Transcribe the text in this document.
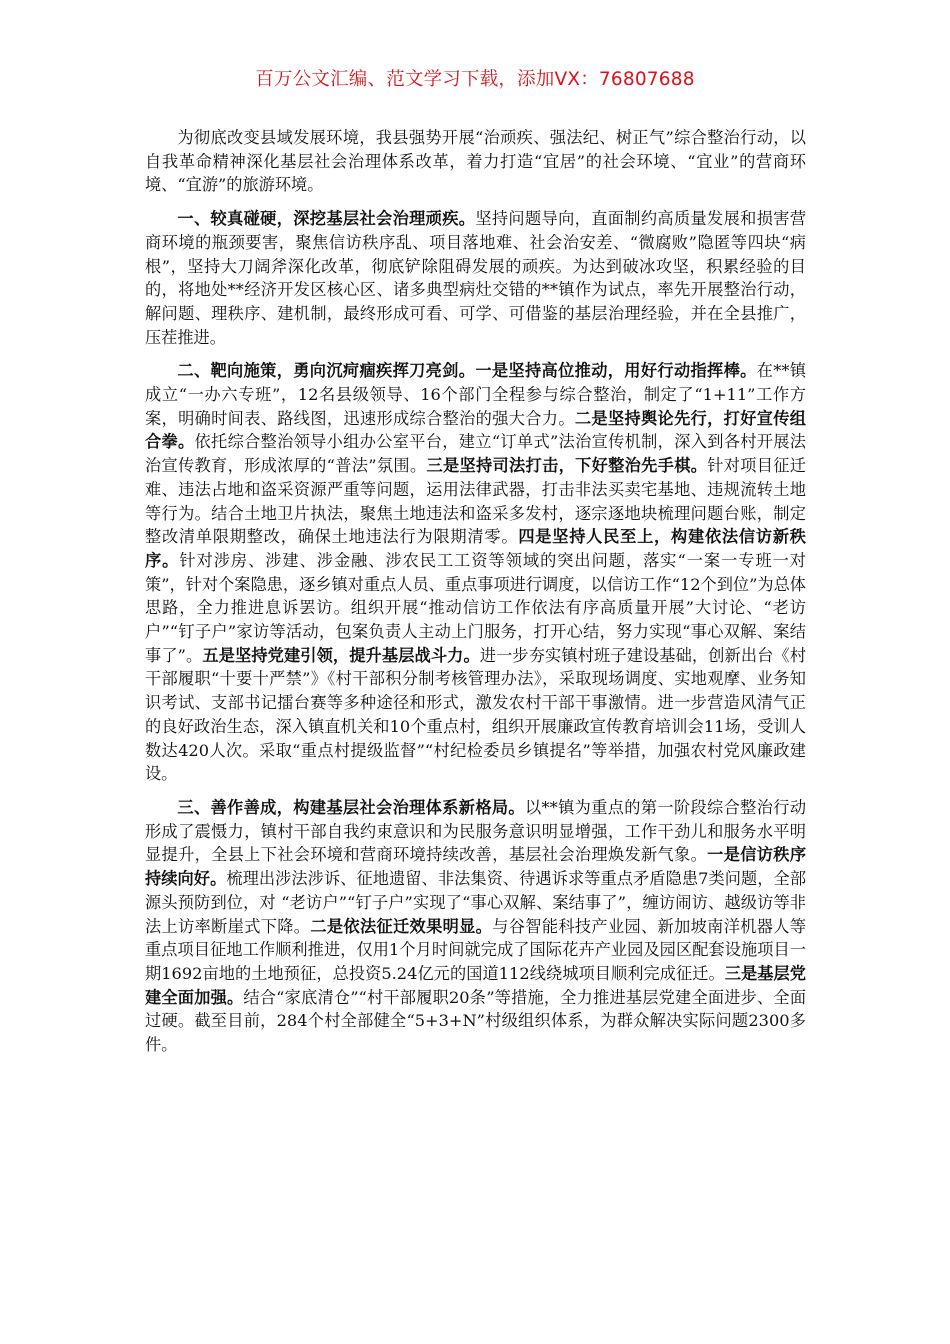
百万公文汇编、范文学习下载，添加VX：76807688

为彻底改变县域发展环境，我县强势开展“治顽疾、强法纪、树正气”综合整治行动，以自我革命精神深化基层社会治理体系改革，着力打造“宜居”的社会环境、“宜业”的营商环境、“宜游”的旅游环境。

一、较真碰硬，深挖基层社会治理顽疾。坚持问题导向，直面制约高质量发展和损害营商环境的瓶颈要害，聚焦信访秩序乱、项目落地难、社会治安差、“微腐败”隐匿等四块“病根”，坚持大刀阔斧深化改革，彻底铲除阻碍发展的顽疾。为达到破冰攻坚，积累经验的目的，将地处**经济开发区核心区、诸多典型病灶交错的**镇作为试点，率先开展整治行动，解问题、理秩序、建机制，最终形成可看、可学、可借鉴的基层治理经验，并在全县推广，压茬推进。

二、靶向施策，勇向沉疴痼疾挥刀亮剑。一是坚持高位推动，用好行动指挥棒。在**镇成立“一办六专班”，12名县级领导、16个部门全程参与综合整治，制定了“1+11”工作方案，明确时间表、路线图，迅速形成综合整治的强大合力。二是坚持舆论先行，打好宣传组合拳。依托综合整治领导小组办公室平台，建立“订单式”法治宣传机制，深入到各村开展法治宣传教育，形成浓厚的“普法”氛围。三是坚持司法打击，下好整治先手棋。针对项目征迁难、违法占地和盗采资源严重等问题，运用法律武器，打击非法买卖宅基地、违规流转土地等行为。结合土地卫片执法，聚焦土地违法和盗采多发村，逐宗逐地块梳理问题台账，制定整改清单限期整改，确保土地违法行为限期清零。四是坚持人民至上，构建依法信访新秩序。针对涉房、涉建、涉金融、涉农民工工资等领域的突出问题，落实“一案一专班一对策”，针对个案隐患，逐乡镇对重点人员、重点事项进行调度，以信访工作“12个到位”为总体思路，全力推进息诉罢访。组织开展“推动信访工作依法有序高质量开展”大讨论、“老访户”“钉子户”家访等活动，包案负责人主动上门服务，打开心结，努力实现“事心双解、案结事了”。五是坚持党建引领，提升基层战斗力。进一步夯实镇村班子建设基础，创新出台《村干部履职“十要十严禁”》《村干部积分制考核管理办法》，采取现场调度、实地观摩、业务知识考试、支部书记擂台赛等多种途径和形式，激发农村干部干事激情。进一步营造风清气正的良好政治生态，深入镇直机关和10个重点村，组织开展廉政宣传教育培训会11场，受训人数达420人次。采取“重点村提级监督”“村纪检委员乡镇提名”等举措，加强农村党风廉政建设。

三、善作善成，构建基层社会治理体系新格局。以**镇为重点的第一阶段综合整治行动形成了震慑力，镇村干部自我约束意识和为民服务意识明显增强，工作干劲儿和服务水平明显提升，全县上下社会环境和营商环境持续改善，基层社会治理焕发新气象。一是信访秩序持续向好。梳理出涉法涉诉、征地遗留、非法集资、待遇诉求等重点矛盾隐患7类问题，全部源头预防到位，对 “老访户”“钉子户”实现了“事心双解、案结事了”，缠访闹访、越级访等非法上访率断崖式下降。二是依法征迁效果明显。与谷智能科技产业园、新加坡南洋机器人等重点项目征地工作顺利推进，仅用1个月时间就完成了国际花卉产业园及园区配套设施项目一期1692亩地的土地预征，总投资5.24亿元的国道112线绕城项目顺利完成征迁。三是基层党建全面加强。结合“家底清仓”“村干部履职20条”等措施，全力推进基层党建全面进步、全面过硬。截至目前，284个村全部健全“5+3+N”村级组织体系，为群众解决实际问题2300多件。
